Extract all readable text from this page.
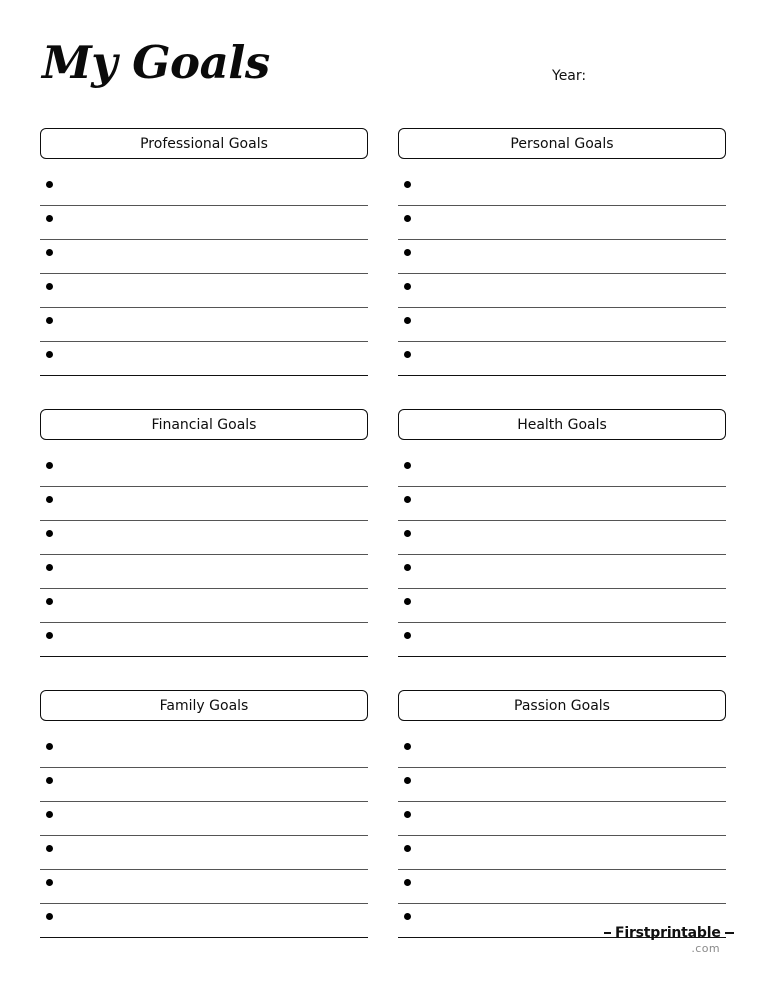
My Goals	Year:
Professional Goals	Personal Goals
Financial Goals	Health Goals
Family Goals	Passion Goals
Firstprintable
.com
